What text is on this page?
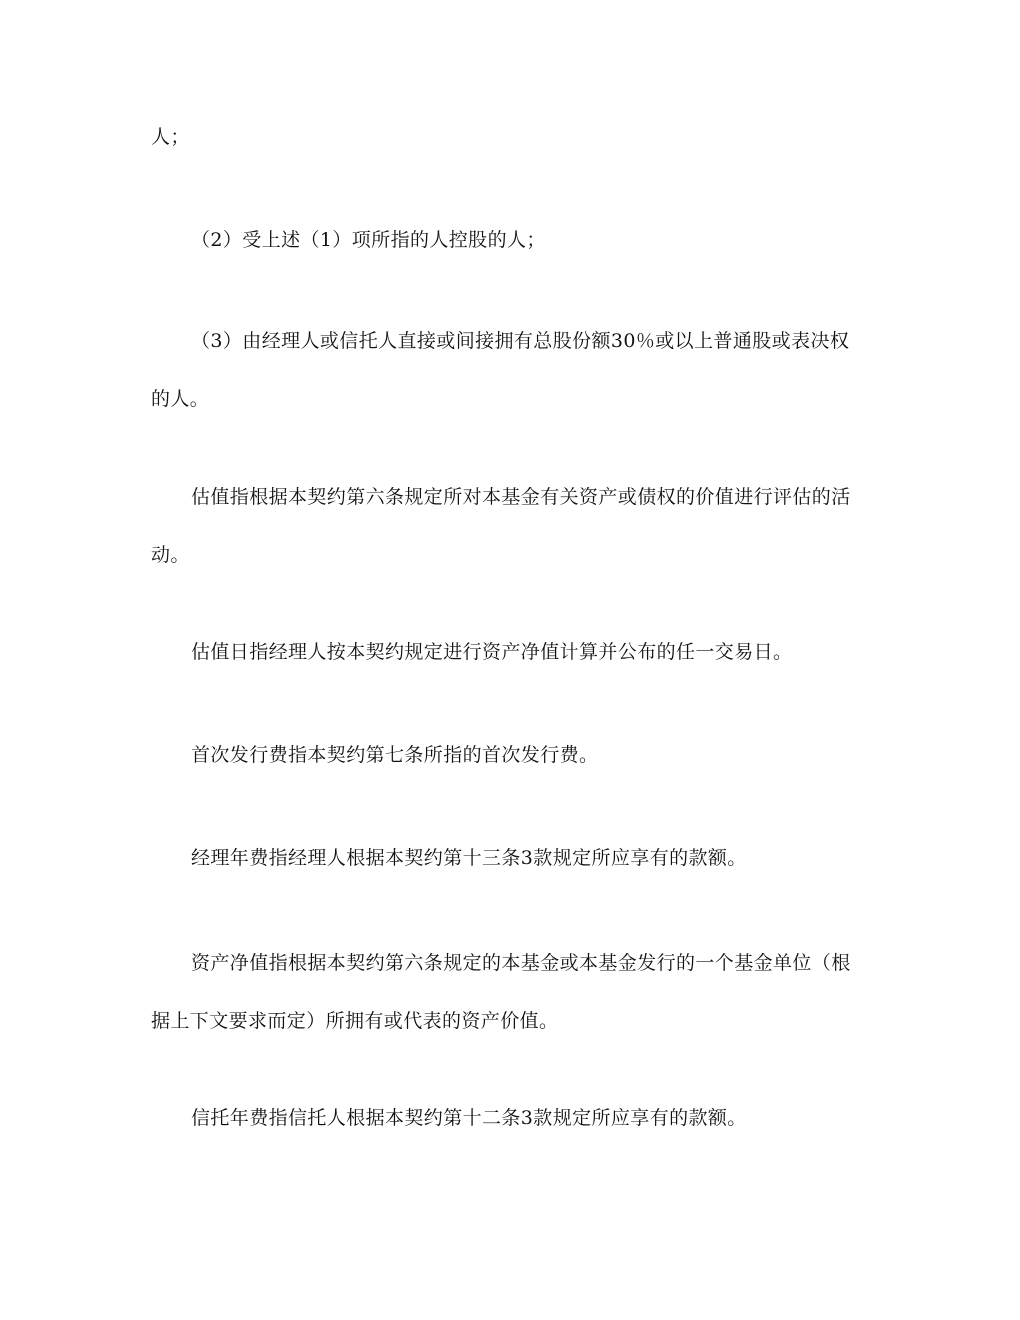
人；

（2）受上述（1）项所指的人控股的人；

（3）由经理人或信托人直接或间接拥有总股份额30％或以上普通股或表决权
的人。

估值指根据本契约第六条规定所对本基金有关资产或债权的价值进行评估的活
动。

估值日指经理人按本契约规定进行资产净值计算并公布的任一交易日。

首次发行费指本契约第七条所指的首次发行费。

经理年费指经理人根据本契约第十三条3款规定所应享有的款额。

资产净值指根据本契约第六条规定的本基金或本基金发行的一个基金单位（根
据上下文要求而定）所拥有或代表的资产价值。

信托年费指信托人根据本契约第十二条3款规定所应享有的款额。
